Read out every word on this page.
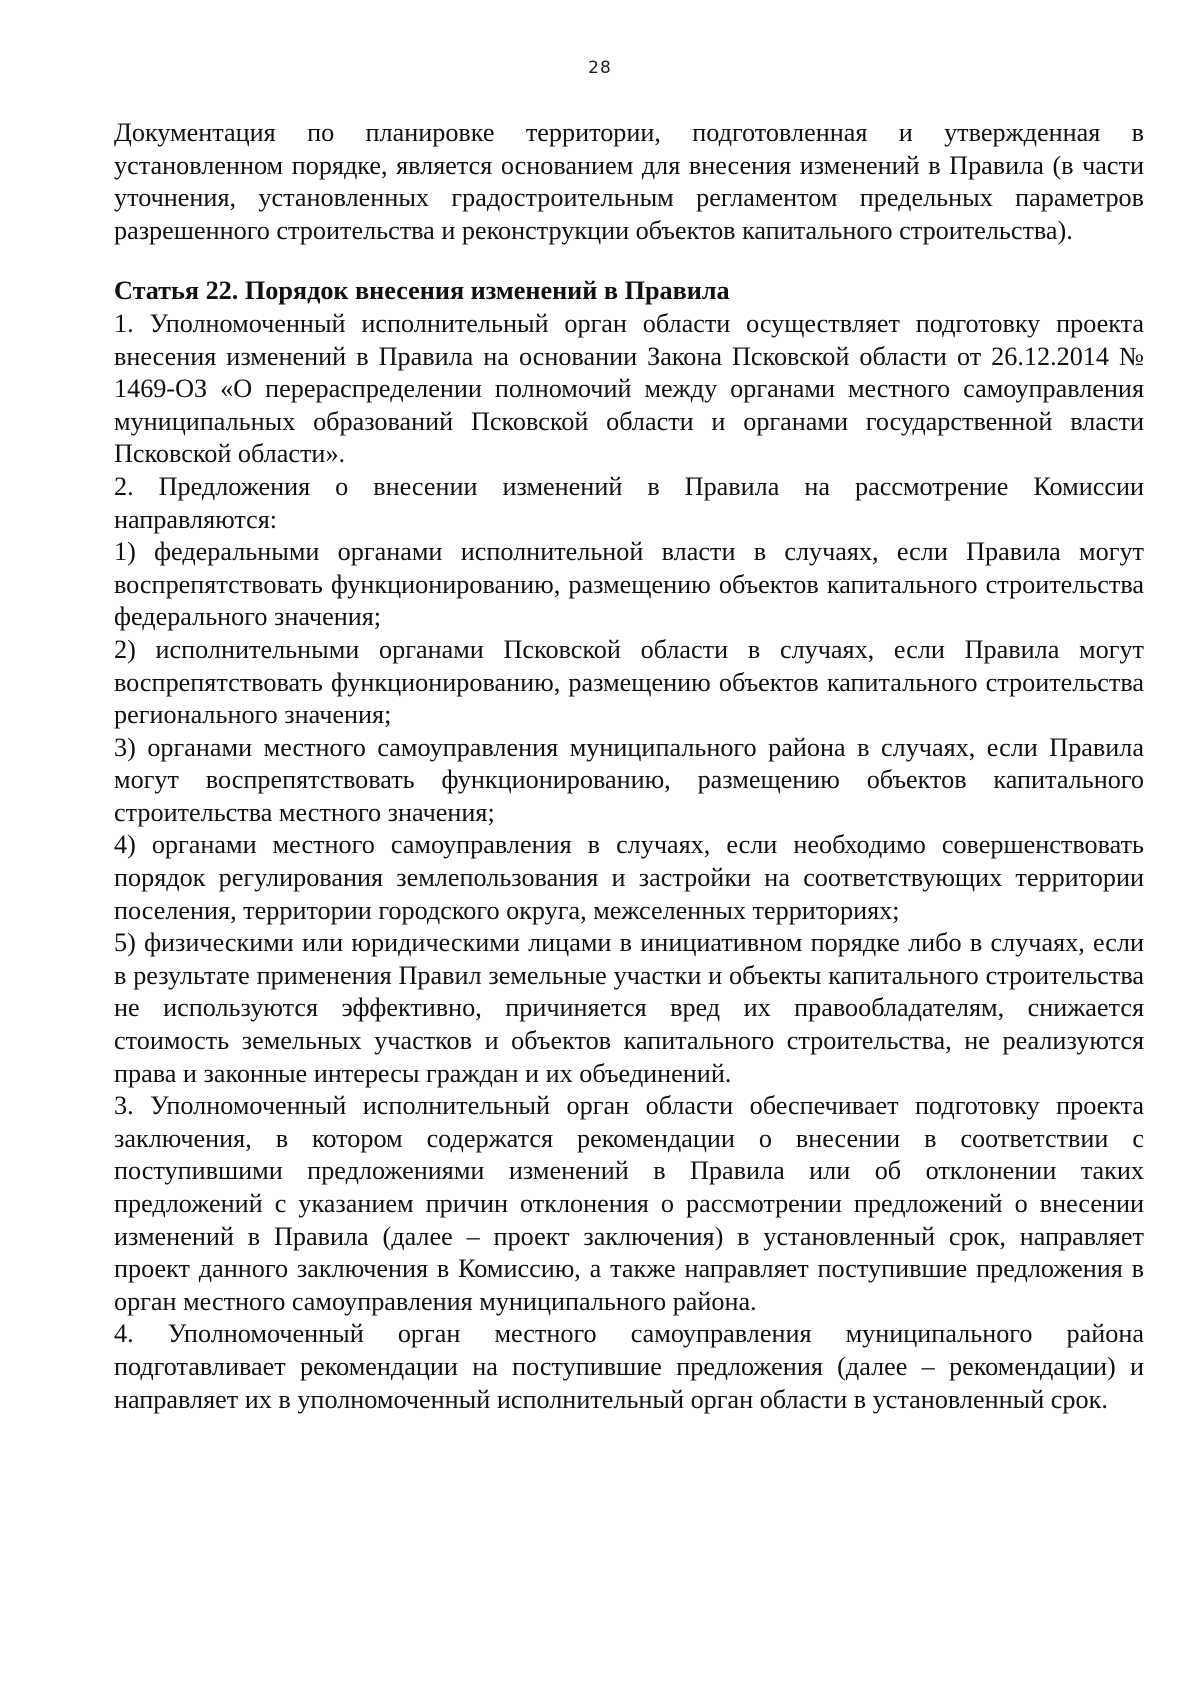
28

Документация по планировке территории, подготовленная и утвержденная в установленном порядке, является основанием для внесения изменений в Правила (в части уточнения, установленных градостроительным регламентом предельных параметров разрешенного строительства и реконструкции объектов капитального строительства).

Статья 22. Порядок внесения изменений в Правила

1. Уполномоченный исполнительный орган области осуществляет подготовку проекта внесения изменений в Правила на основании Закона Псковской области от 26.12.2014 № 1469-ОЗ «О перераспределении полномочий между органами местного самоуправления муниципальных образований Псковской области и органами государственной власти Псковской области».

2. Предложения о внесении изменений в Правила на рассмотрение Комиссии направляются:

1) федеральными органами исполнительной власти в случаях, если Правила могут воспрепятствовать функционированию, размещению объектов капитального строительства федерального значения;

2) исполнительными органами Псковской области в случаях, если Правила могут воспрепятствовать функционированию, размещению объектов капитального строительства регионального значения;

3) органами местного самоуправления муниципального района в случаях, если Правила могут воспрепятствовать функционированию, размещению объектов капитального строительства местного значения;

4) органами местного самоуправления в случаях, если необходимо совершенствовать порядок регулирования землепользования и застройки на соответствующих территории поселения, территории городского округа, межселенных территориях;

5) физическими или юридическими лицами в инициативном порядке либо в случаях, если в результате применения Правил земельные участки и объекты капитального строительства не используются эффективно, причиняется вред их правообладателям, снижается стоимость земельных участков и объектов капитального строительства, не реализуются права и законные интересы граждан и их объединений.

3. Уполномоченный исполнительный орган области обеспечивает подготовку проекта заключения, в котором содержатся рекомендации о внесении в соответствии с поступившими предложениями изменений в Правила или об отклонении таких предложений с указанием причин отклонения о рассмотрении предложений о внесении изменений в Правила (далее – проект заключения) в установленный срок, направляет проект данного заключения в Комиссию, а также направляет поступившие предложения в орган местного самоуправления муниципального района.

4. Уполномоченный орган местного самоуправления муниципального района подготавливает рекомендации на поступившие предложения (далее – рекомендации) и направляет их в уполномоченный исполнительный орган области в установленный срок.
